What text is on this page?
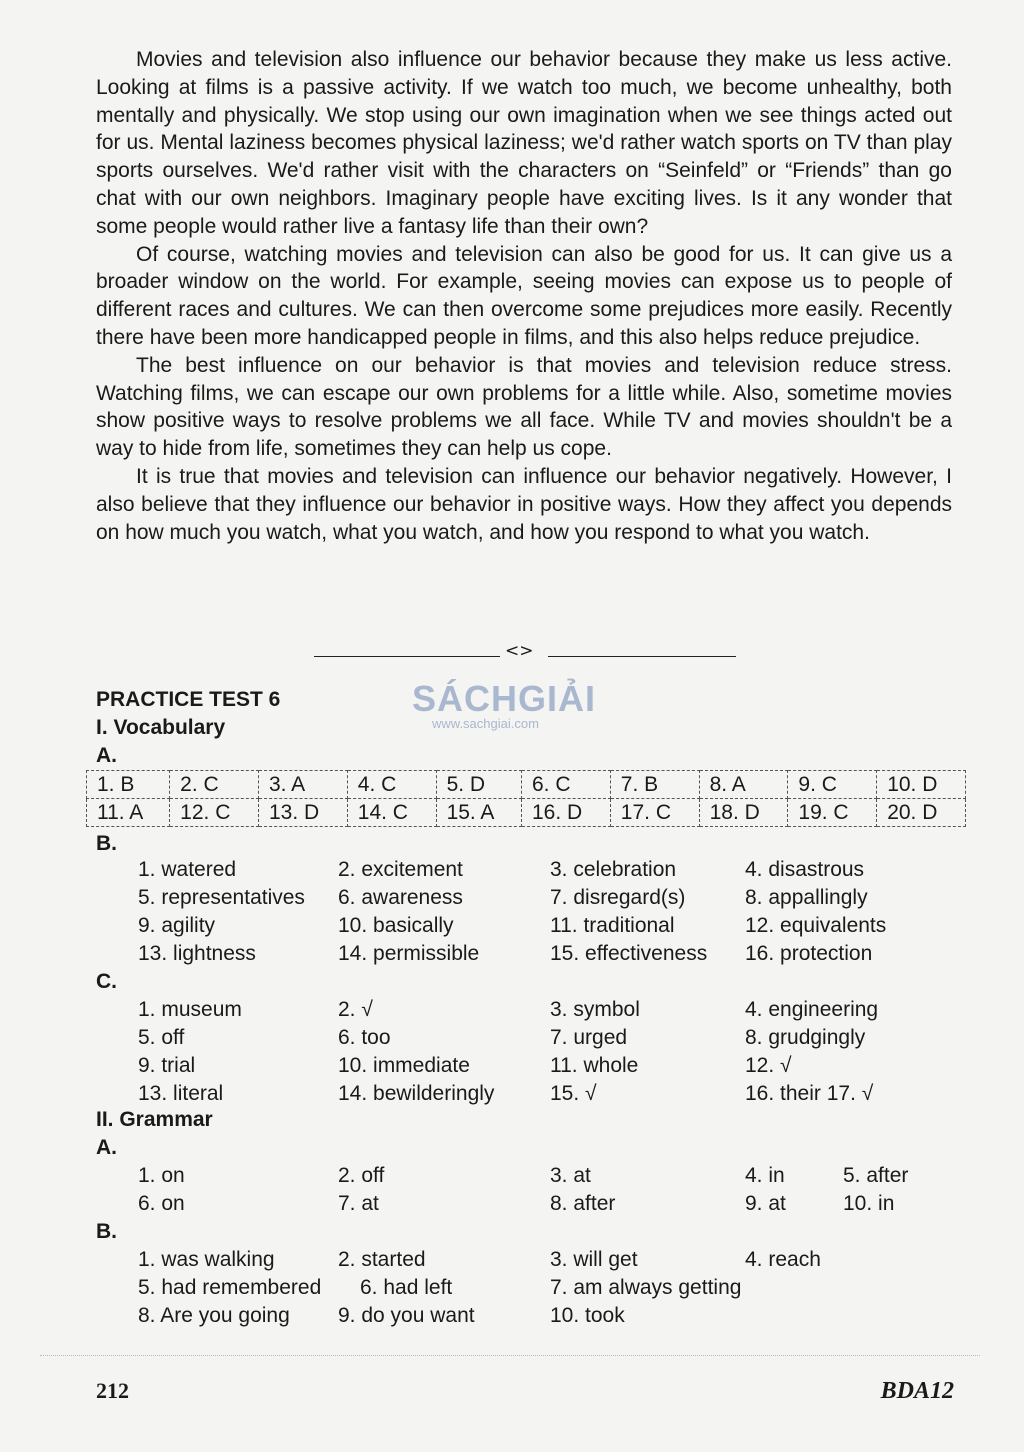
Movies and television also influence our behavior because they make us less active. Looking at films is a passive activity. If we watch too much, we become unhealthy, both mentally and physically. We stop using our own imagination when we see things acted out for us. Mental laziness becomes physical laziness; we'd rather watch sports on TV than play sports ourselves. We'd rather visit with the characters on “Seinfeld” or “Friends” than go chat with our own neighbors. Imaginary people have exciting lives. Is it any wonder that some people would rather live a fantasy life than their own?

Of course, watching movies and television can also be good for us. It can give us a broader window on the world. For example, seeing movies can expose us to people of different races and cultures. We can then overcome some prejudices more easily. Recently there have been more handicapped people in films, and this also helps reduce prejudice.

The best influence on our behavior is that movies and television reduce stress. Watching films, we can escape our own problems for a little while. Also, sometime movies show positive ways to resolve problems we all face. While TV and movies shouldn't be a way to hide from life, sometimes they can help us cope.

It is true that movies and television can influence our behavior negatively. However, I also believe that they influence our behavior in positive ways. How they affect you depends on how much you watch, what you watch, and how you respond to what you watch.

<>
PRACTICE TEST 6	SÁCHGIẢI
www.sachgiai.com
I. Vocabulary
A.
1. B	2. C	3. A	4. C	5. D	6. C	7. B	8. A	9. C	10. D
11. A	12. C	13. D	14. C	15. A	16. D	17. C	18. D	19. C	20. D
B.
1. watered	2. excitement	3. celebration	4. disastrous
5. representatives 6. awareness	7. disregard(s)	8. appallingly
9. agility	10. basically	11. traditional	12. equivalents
13. lightness	14. permissible	15. effectiveness 16. protection
C.
1. museum	2. √	3. symbol	4. engineering
5. off	6. too	7. urged	8. grudgingly
9. trial	10. immediate	11. whole	12. √
13. literal	14. bewilderingly	15. √	16. their 17. √
II. Grammar
A.
1. on	2. off	3. at	4. in	5. after
6. on	7. at	8. after	9. at	10. in
B.
1. was walking	2. started	3. will get	4. reach
5. had remembered 6. had left	7. am always getting
8. Are you going 9. do you want	10. took
212	BDA12
